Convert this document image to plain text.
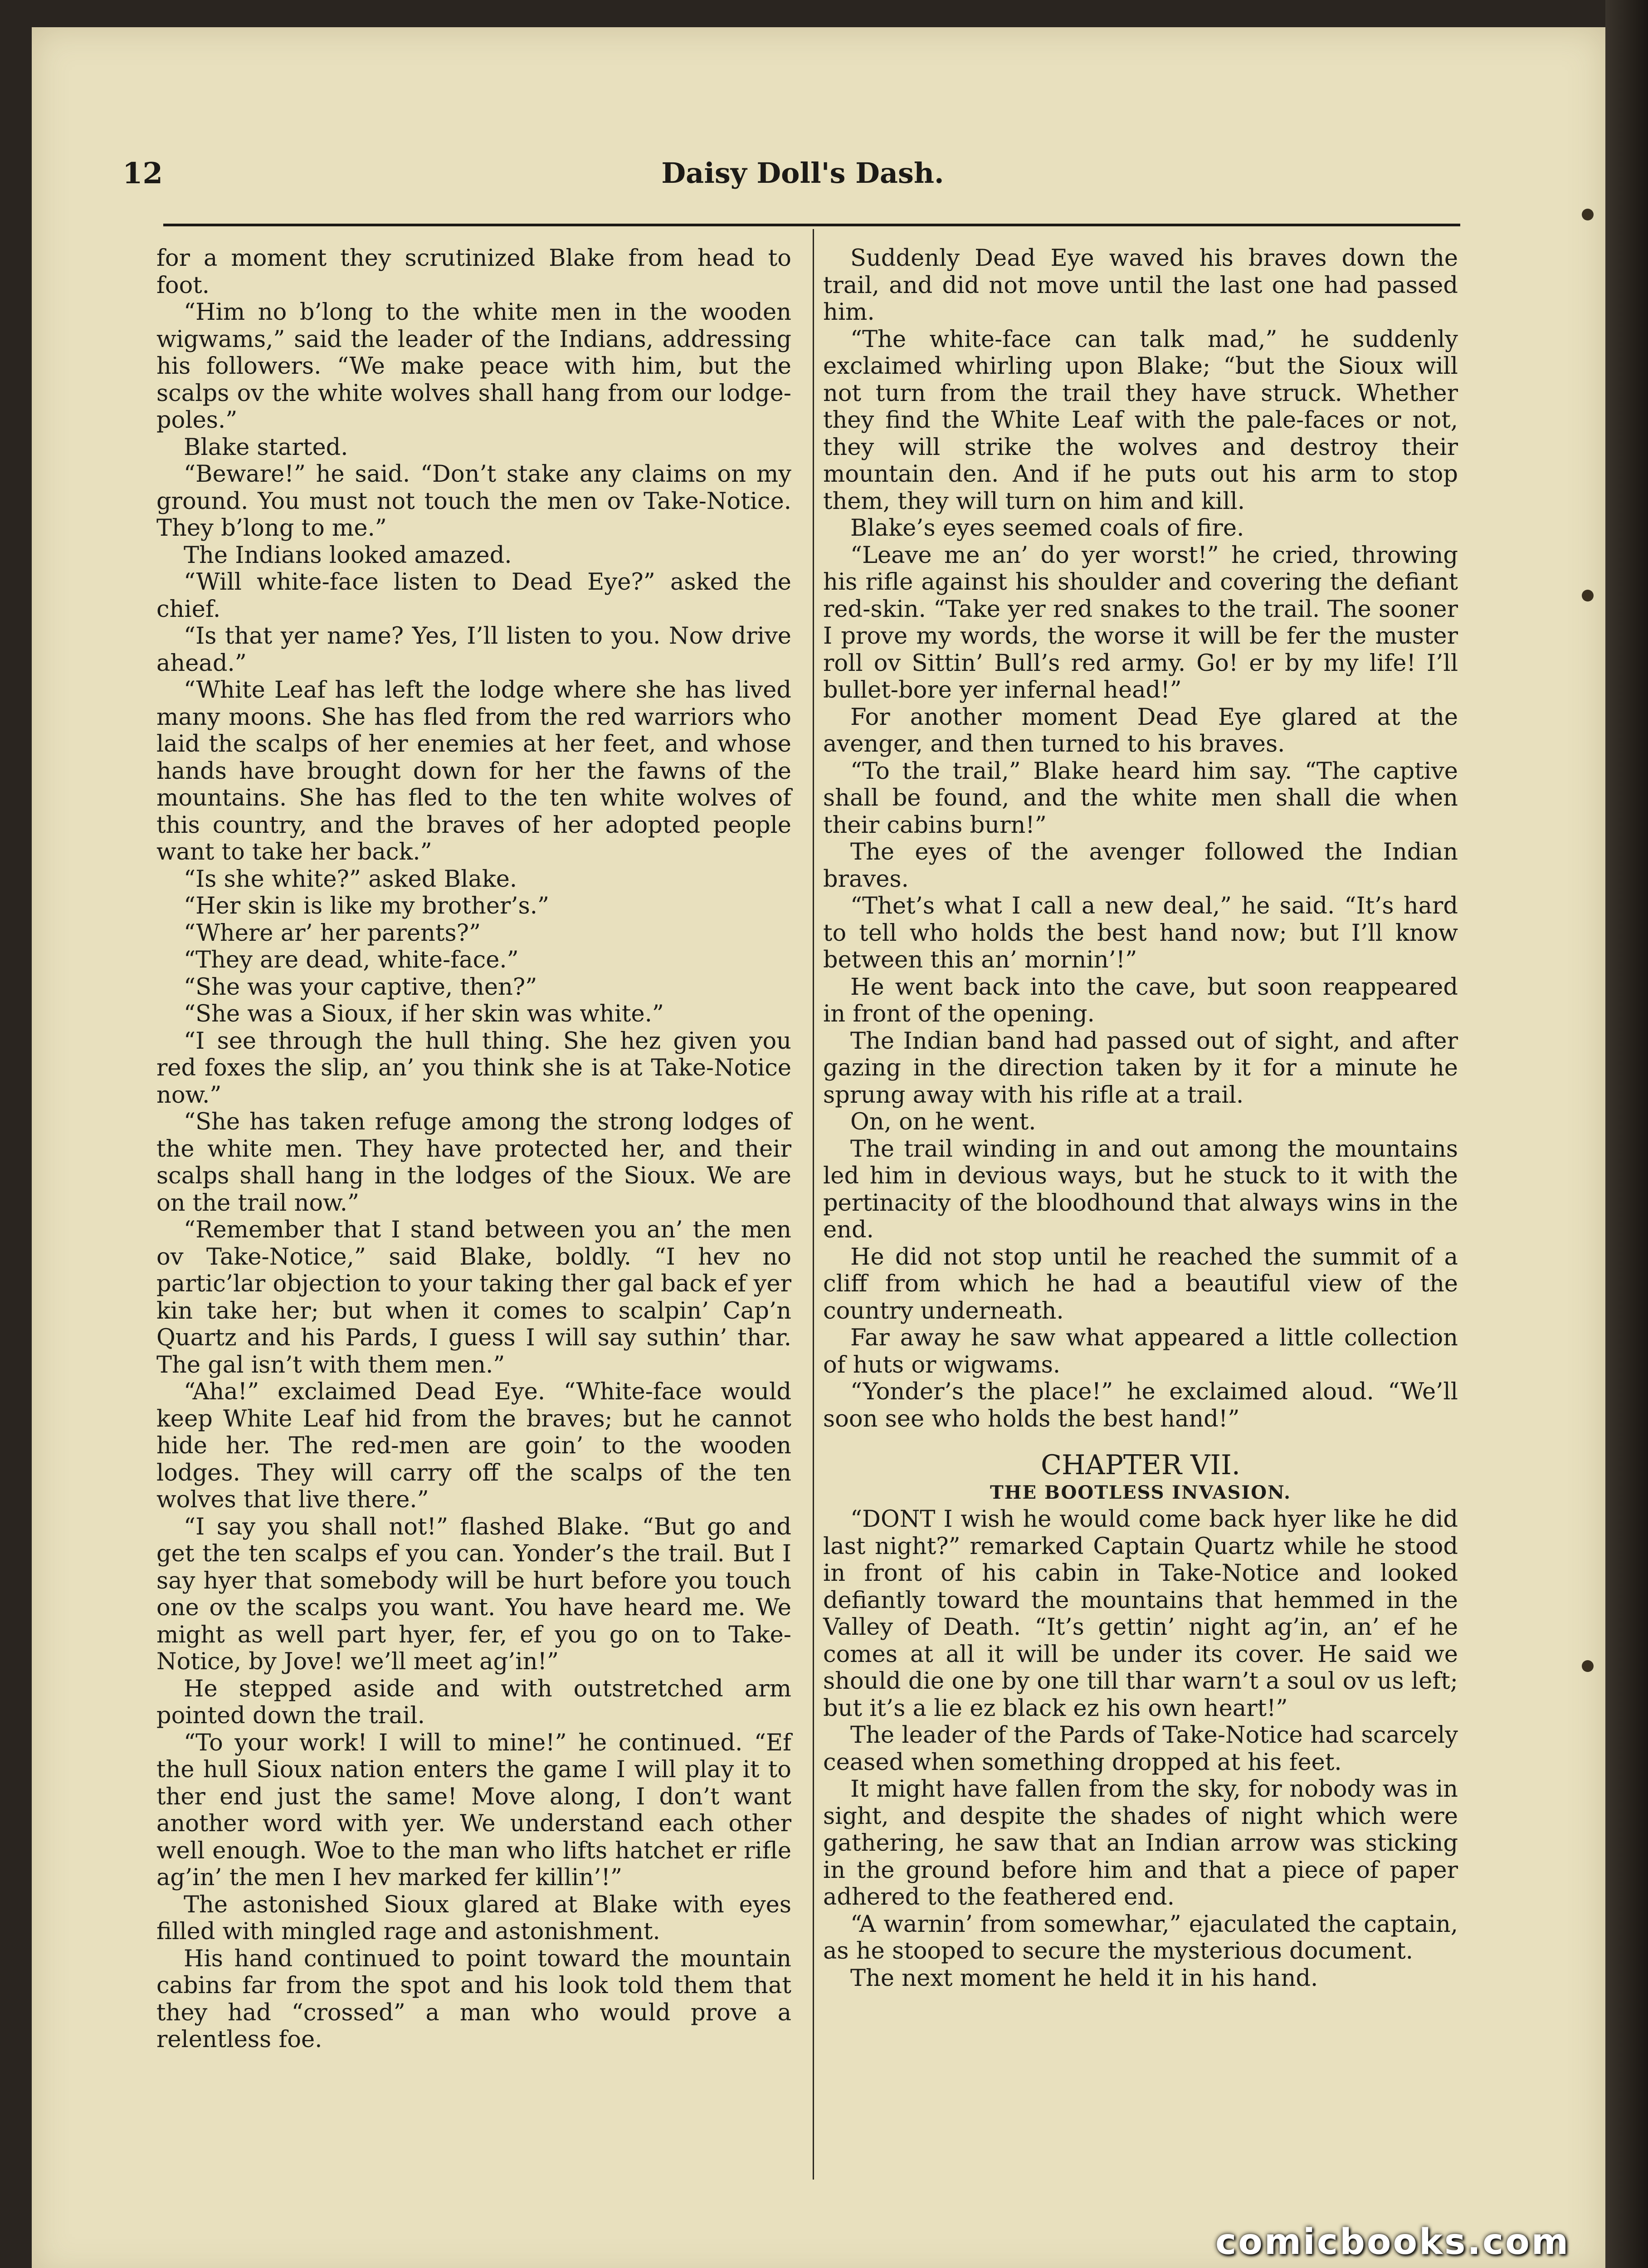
12	Daisy Doll's Dash.

for a moment they scrutinized Blake from head to foot.

“Him no b’long to the white men in the wooden wigwams,” said the leader of the Indians, addressing his followers. “We make peace with him, but the scalps ov the white wolves shall hang from our lodge-poles.”

Blake started.

“Beware!” he said. “Don’t stake any claims on my ground. You must not touch the men ov Take-Notice. They b’long to me.”

The Indians looked amazed.

“Will white-face listen to Dead Eye?” asked the chief.

“Is that yer name? Yes, I’ll listen to you. Now drive ahead.”

“White Leaf has left the lodge where she has lived many moons. She has fled from the red warriors who laid the scalps of her enemies at her feet, and whose hands have brought down for her the fawns of the mountains. She has fled to the ten white wolves of this country, and the braves of her adopted people want to take her back.”

“Is she white?” asked Blake.

“Her skin is like my brother’s.”

“Where ar’ her parents?”

“They are dead, white-face.”

“She was your captive, then?”

“She was a Sioux, if her skin was white.”

“I see through the hull thing. She hez given you red foxes the slip, an’ you think she is at Take-Notice now.”

“She has taken refuge among the strong lodges of the white men. They have protected her, and their scalps shall hang in the lodges of the Sioux. We are on the trail now.”

“Remember that I stand between you an’ the men ov Take-Notice,” said Blake, boldly. “I hev no partic’lar objection to your taking ther gal back ef yer kin take her; but when it comes to scalpin’ Cap’n Quartz and his Pards, I guess I will say suthin’ thar. The gal isn’t with them men.”

“Aha!” exclaimed Dead Eye. “White-face would keep White Leaf hid from the braves; but he cannot hide her. The red-men are goin’ to the wooden lodges. They will carry off the scalps of the ten wolves that live there.”

“I say you shall not!” flashed Blake. “But go and get the ten scalps ef you can. Yonder’s the trail. But I say hyer that somebody will be hurt before you touch one ov the scalps you want. You have heard me. We might as well part hyer, fer, ef you go on to Take-Notice, by Jove! we’ll meet ag’in!”

He stepped aside and with outstretched arm pointed down the trail.

“To your work! I will to mine!” he continued. “Ef the hull Sioux nation enters the game I will play it to ther end just the same! Move along, I don’t want another word with yer. We understand each other well enough. Woe to the man who lifts hatchet er rifle ag’in’ the men I hev marked fer killin’!”

The astonished Sioux glared at Blake with eyes filled with mingled rage and astonishment.

His hand continued to point toward the mountain cabins far from the spot and his look told them that they had “crossed” a man who would prove a relentless foe.

Suddenly Dead Eye waved his braves down the trail, and did not move until the last one had passed him.

“The white-face can talk mad,” he suddenly exclaimed whirling upon Blake; “but the Sioux will not turn from the trail they have struck. Whether they find the White Leaf with the pale-faces or not, they will strike the wolves and destroy their mountain den. And if he puts out his arm to stop them, they will turn on him and kill.

Blake’s eyes seemed coals of fire.

“Leave me an’ do yer worst!” he cried, throwing his rifle against his shoulder and covering the defiant red-skin. “Take yer red snakes to the trail. The sooner I prove my words, the worse it will be fer the muster roll ov Sittin’ Bull’s red army. Go! er by my life! I’ll bullet-bore yer infernal head!”

For another moment Dead Eye glared at the avenger, and then turned to his braves.

“To the trail,” Blake heard him say. “The captive shall be found, and the white men shall die when their cabins burn!”

The eyes of the avenger followed the Indian braves.

“Thet’s what I call a new deal,” he said. “It’s hard to tell who holds the best hand now; but I’ll know between this an’ mornin’!”

He went back into the cave, but soon reappeared in front of the opening.

The Indian band had passed out of sight, and after gazing in the direction taken by it for a minute he sprung away with his rifle at a trail.

On, on he went.

The trail winding in and out among the mountains led him in devious ways, but he stuck to it with the pertinacity of the bloodhound that always wins in the end.

He did not stop until he reached the summit of a cliff from which he had a beautiful view of the country underneath.

Far away he saw what appeared a little collection of huts or wigwams.

“Yonder’s the place!” he exclaimed aloud. “We’ll soon see who holds the best hand!”

CHAPTER VII.

THE BOOTLESS INVASION.

“DONT I wish he would come back hyer like he did last night?” remarked Captain Quartz while he stood in front of his cabin in Take-Notice and looked defiantly toward the mountains that hemmed in the Valley of Death. “It’s gettin’ night ag’in, an’ ef he comes at all it will be under its cover. He said we should die one by one till thar warn’t a soul ov us left; but it’s a lie ez black ez his own heart!”

The leader of the Pards of Take-Notice had scarcely ceased when something dropped at his feet.

It might have fallen from the sky, for nobody was in sight, and despite the shades of night which were gathering, he saw that an Indian arrow was sticking in the ground before him and that a piece of paper adhered to the feathered end.

“A warnin’ from somewhar,” ejaculated the captain, as he stooped to secure the mysterious document.

The next moment he held it in his hand.

comicbooks.com
